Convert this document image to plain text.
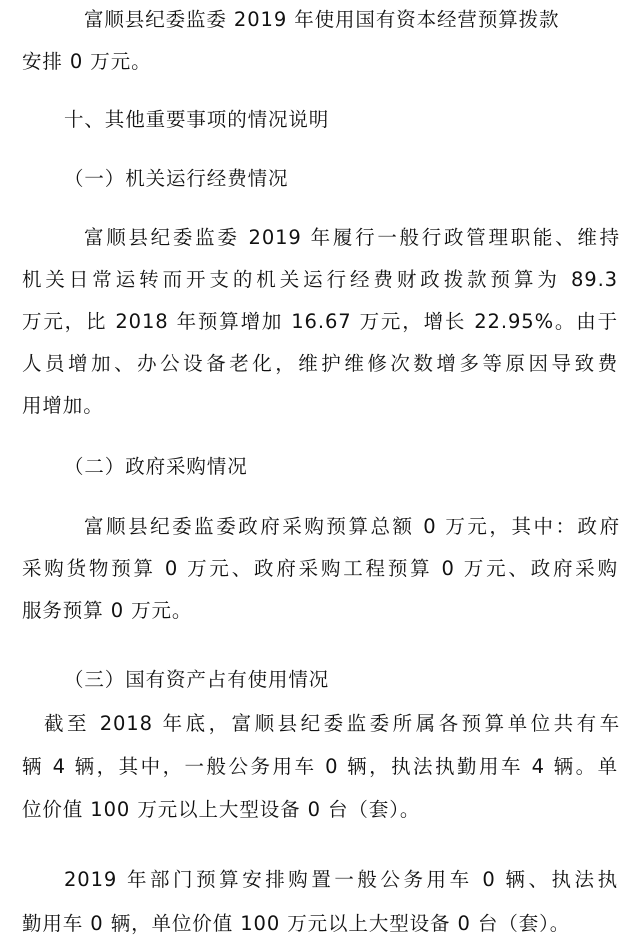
富顺县纪委监委 2019 年使用国有资本经营预算拨款
安排 0 万元。
十、其他重要事项的情况说明
（一）机关运行经费情况
富顺县纪委监委 2019 年履行一般行政管理职能、维持
机关日常运转而开支的机关运行经费财政拨款预算为 89.3
万元，比 2018 年预算增加 16.67 万元，增长 22.95%。由于
人员增加、办公设备老化，维护维修次数增多等原因导致费
用增加。
（二）政府采购情况
富顺县纪委监委政府采购预算总额 0 万元，其中：政府
采购货物预算 0 万元、政府采购工程预算 0 万元、政府采购
服务预算 0 万元。
（三）国有资产占有使用情况
截至 2018 年底，富顺县纪委监委所属各预算单位共有车
辆 4 辆，其中，一般公务用车 0 辆，执法执勤用车 4 辆。单
位价值 100 万元以上大型设备 0 台（套）。
2019 年部门预算安排购置一般公务用车 0 辆、执法执
勤用车 0 辆，单位价值 100 万元以上大型设备 0 台（套）。
